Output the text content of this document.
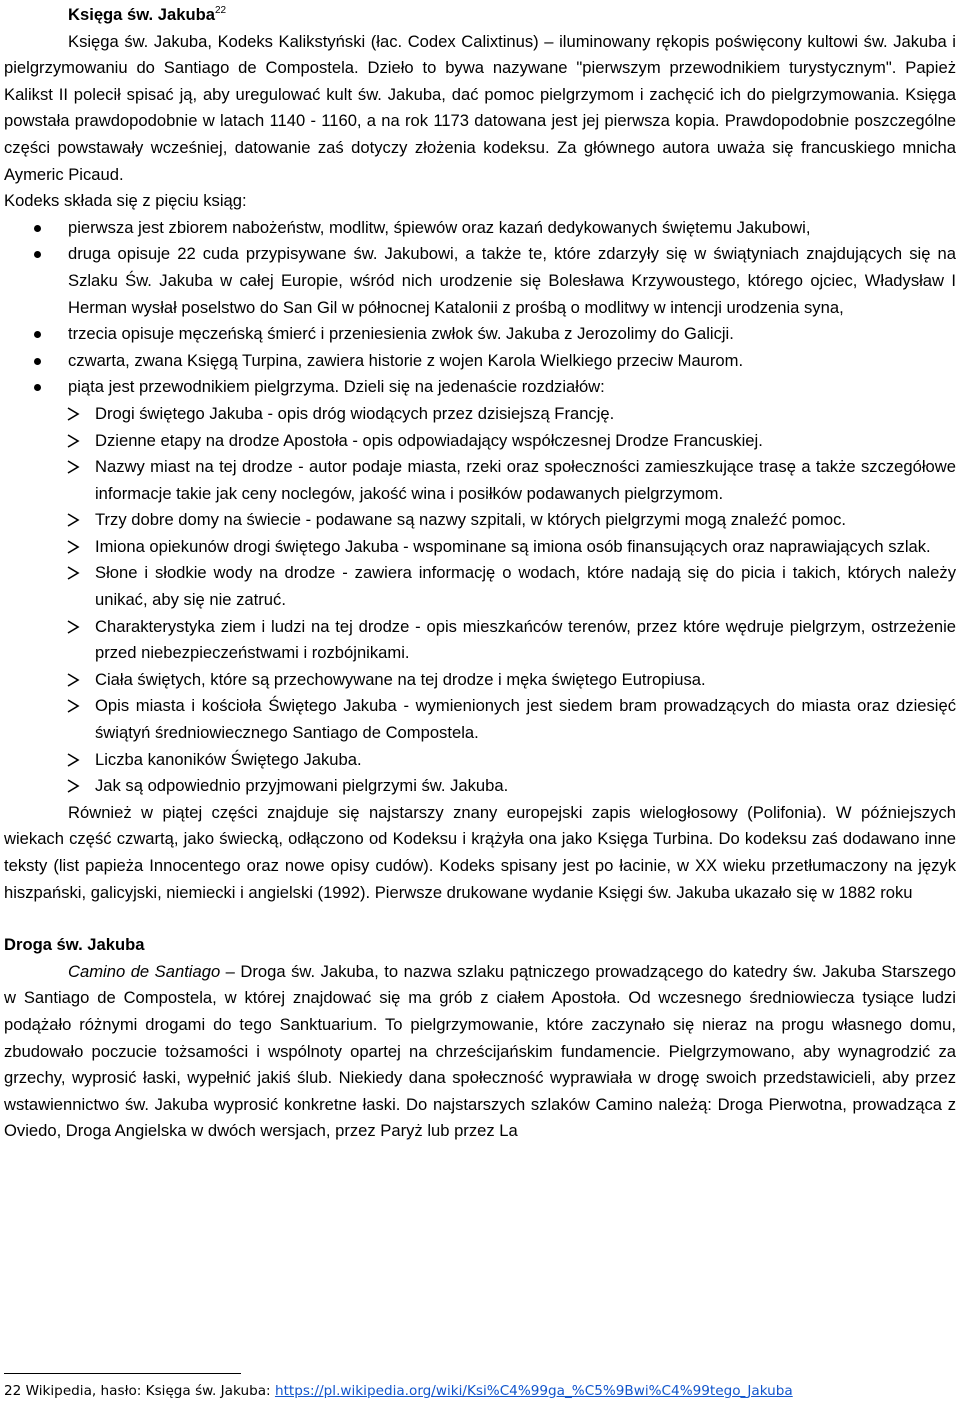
Księga św. Jakuba$^{22}$

Księga św. Jakuba, Kodeks Kalikstyński (łac. Codex Calixtinus) – iluminowany rękopis poświęcony kultowi św. Jakuba i pielgrzymowaniu do Santiago de Compostela. Dzieło to bywa nazywane "pierwszym przewodnikiem turystycznym". Papież Kalikst II polecił spisać ją, aby uregulować kult św. Jakuba, dać pomoc pielgrzymom i zachęcić ich do pielgrzymowania. Księga powstała prawdopodobnie w latach 1140 - 1160, a na rok 1173 datowana jest jej pierwsza kopia. Prawdopodobnie poszczególne części powstawały wcześniej, datowanie zaś dotyczy złożenia kodeksu. Za głównego autora uważa się francuskiego mnicha Aymeric Picaud.

Kodeks składa się z pięciu ksiąg:

pierwsza jest zbiorem nabożeństw, modlitw, śpiewów oraz kazań dedykowanych świętemu Jakubowi,
druga opisuje 22 cuda przypisywane św. Jakubowi, a także te, które zdarzyły się w świątyniach znajdujących się na Szlaku Św. Jakuba w całej Europie, wśród nich urodzenie się Bolesława Krzywoustego, którego ojciec, Władysław I Herman wysłał poselstwo do San Gil w północnej Katalonii z prośbą o modlitwy w intencji urodzenia syna,
trzecia opisuje męczeńską śmierć i przeniesienia zwłok św. Jakuba z Jerozolimy do Galicji.
czwarta, zwana Księgą Turpina, zawiera historie z wojen Karola Wielkiego przeciw Maurom.
piąta jest przewodnikiem pielgrzyma. Dzieli się na jedenaście rozdziałów:
Drogi świętego Jakuba - opis dróg wiodących przez dzisiejszą Francję.
Dzienne etapy na drodze Apostoła - opis odpowiadający współczesnej Drodze Francuskiej.
Nazwy miast na tej drodze - autor podaje miasta, rzeki oraz społeczności zamieszkujące trasę a także szczegółowe informacje takie jak ceny noclegów, jakość wina i posiłków podawanych pielgrzymom.
Trzy dobre domy na świecie - podawane są nazwy szpitali, w których pielgrzymi mogą znaleźć pomoc.
Imiona opiekunów drogi świętego Jakuba - wspominane są imiona osób finansujących oraz naprawiających szlak.
Słone i słodkie wody na drodze - zawiera informację o wodach, które nadają się do picia i takich, których należy unikać, aby się nie zatruć.
Charakterystyka ziem i ludzi na tej drodze - opis mieszkańców terenów, przez które wędruje pielgrzym, ostrzeżenie przed niebezpieczeństwami i rozbójnikami.
Ciała świętych, które są przechowywane na tej drodze i męka świętego Eutropiusa.
Opis miasta i kościoła Świętego Jakuba - wymienionych jest siedem bram prowadzących do miasta oraz dziesięć świątyń średniowiecznego Santiago de Compostela.
Liczba kanoników Świętego Jakuba.
Jak są odpowiednio przyjmowani pielgrzymi św. Jakuba.

Również w piątej części znajduje się najstarszy znany europejski zapis wielogłosowy (Polifonia). W późniejszych wiekach część czwartą, jako świecką, odłączono od Kodeksu i krążyła ona jako Księga Turbina. Do kodeksu zaś dodawano inne teksty (list papieża Innocentego oraz nowe opisy cudów). Kodeks spisany jest po łacinie, w XX wieku przetłumaczony na język hiszpański, galicyjski, niemiecki i angielski (1992). Pierwsze drukowane wydanie Księgi św. Jakuba ukazało się w 1882 roku

Droga św. Jakuba

Camino de Santiago – Droga św. Jakuba, to nazwa szlaku pątniczego prowadzącego do katedry św. Jakuba Starszego w Santiago de Compostela, w której znajdować się ma grób z ciałem Apostoła. Od wczesnego średniowiecza tysiące ludzi podążało różnymi drogami do tego Sanktuarium. To pielgrzymowanie, które zaczynało się nieraz na progu własnego domu, zbudowało poczucie tożsamości i wspólnoty opartej na chrześcijańskim fundamencie. Pielgrzymowano, aby wynagrodzić za grzechy, wyprosić łaski, wypełnić jakiś ślub. Niekiedy dana społeczność wyprawiała w drogę swoich przedstawicieli, aby przez wstawiennictwo św. Jakuba wyprosić konkretne łaski. Do najstarszych szlaków Camino należą: Droga Pierwotna, prowadząca z Oviedo, Droga Angielska w dwóch wersjach, przez Paryż lub przez La

22 Wikipedia, hasło: Księga św. Jakuba: https://pl.wikipedia.org/wiki/Ksi%C4%99ga_%C5%9Bwi%C4%99tego_Jakuba
